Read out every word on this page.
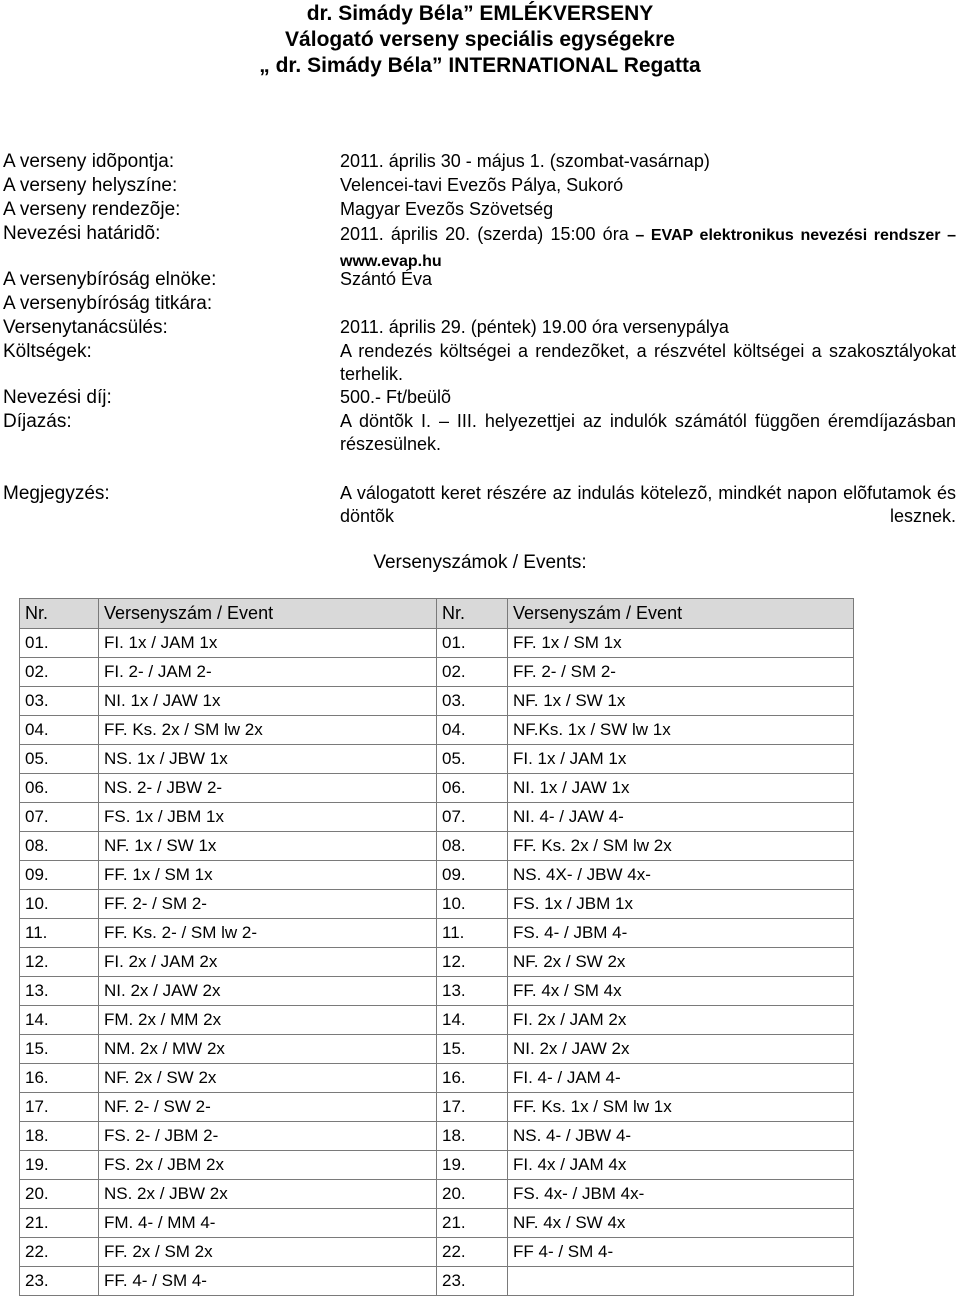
dr. Simády Béla” EMLÉKVERSENY
Válogató verseny speciális egységekre
„ dr. Simády Béla” INTERNATIONAL Regatta
A verseny idõpontja:	2011. április 30 - május 1. (szombat-vasárnap)
A verseny helyszíne:	Velencei-tavi Evezõs Pálya, Sukoró
A verseny rendezõje:	Magyar Evezõs Szövetség
Nevezési határidõ:	2011. április 20. (szerda) 15:00 óra – EVAP elektronikus nevezési rendszer – www.evap.hu
A versenybíróság elnöke:	Szántó Éva
A versenybíróság titkára:
Versenytanácsülés:	2011. április 29. (péntek) 19.00 óra versenypálya
Költségek:	A rendezés költségei a rendezõket, a részvétel költségei a szakosztályokat terhelik.
Nevezési díj:	500.- Ft/beülõ
Díjazás:	A döntõk I. – III. helyezettjei az indulók számától függõen éremdíjazásban részesülnek.
Megjegyzés:	A válogatott keret részére az indulás kötelezõ, mindkét napon elõfutamok és döntõk lesznek.
Versenyszámok / Events:
Nr.	Versenyszám / Event	Nr.	Versenyszám / Event
01.	FI. 1x / JAM 1x	01.	FF. 1x / SM 1x
02.	FI. 2- / JAM 2-	02.	FF. 2- / SM 2-
03.	NI. 1x / JAW 1x	03.	NF. 1x / SW 1x
04.	FF. Ks. 2x / SM lw 2x	04.	NF.Ks. 1x / SW lw 1x
05.	NS. 1x / JBW 1x	05.	FI. 1x / JAM 1x
06.	NS. 2- / JBW 2-	06.	NI. 1x / JAW 1x
07.	FS. 1x / JBM 1x	07.	NI. 4- / JAW 4-
08.	NF. 1x / SW 1x	08.	FF. Ks. 2x / SM lw 2x
09.	FF. 1x / SM 1x	09.	NS. 4X- / JBW 4x-
10.	FF. 2- / SM 2-	10.	FS. 1x / JBM 1x
11.	FF. Ks. 2- / SM lw 2-	11.	FS. 4- / JBM 4-
12.	FI. 2x / JAM 2x	12.	NF. 2x / SW 2x
13.	NI. 2x / JAW 2x	13.	FF. 4x / SM 4x
14.	FM. 2x / MM 2x	14.	FI. 2x / JAM 2x
15.	NM. 2x / MW 2x	15.	NI. 2x / JAW 2x
16.	NF. 2x / SW 2x	16.	FI. 4- / JAM 4-
17.	NF. 2- / SW 2-	17.	FF. Ks. 1x / SM lw 1x
18.	FS. 2- / JBM 2-	18.	NS. 4- / JBW 4-
19.	FS. 2x / JBM 2x	19.	FI. 4x / JAM 4x
20.	NS. 2x / JBW 2x	20.	FS. 4x- / JBM 4x-
21.	FM. 4- / MM 4-	21.	NF. 4x / SW 4x
22.	FF. 2x / SM 2x	22.	FF 4- / SM 4-
23.	FF. 4- / SM 4-	23.	
